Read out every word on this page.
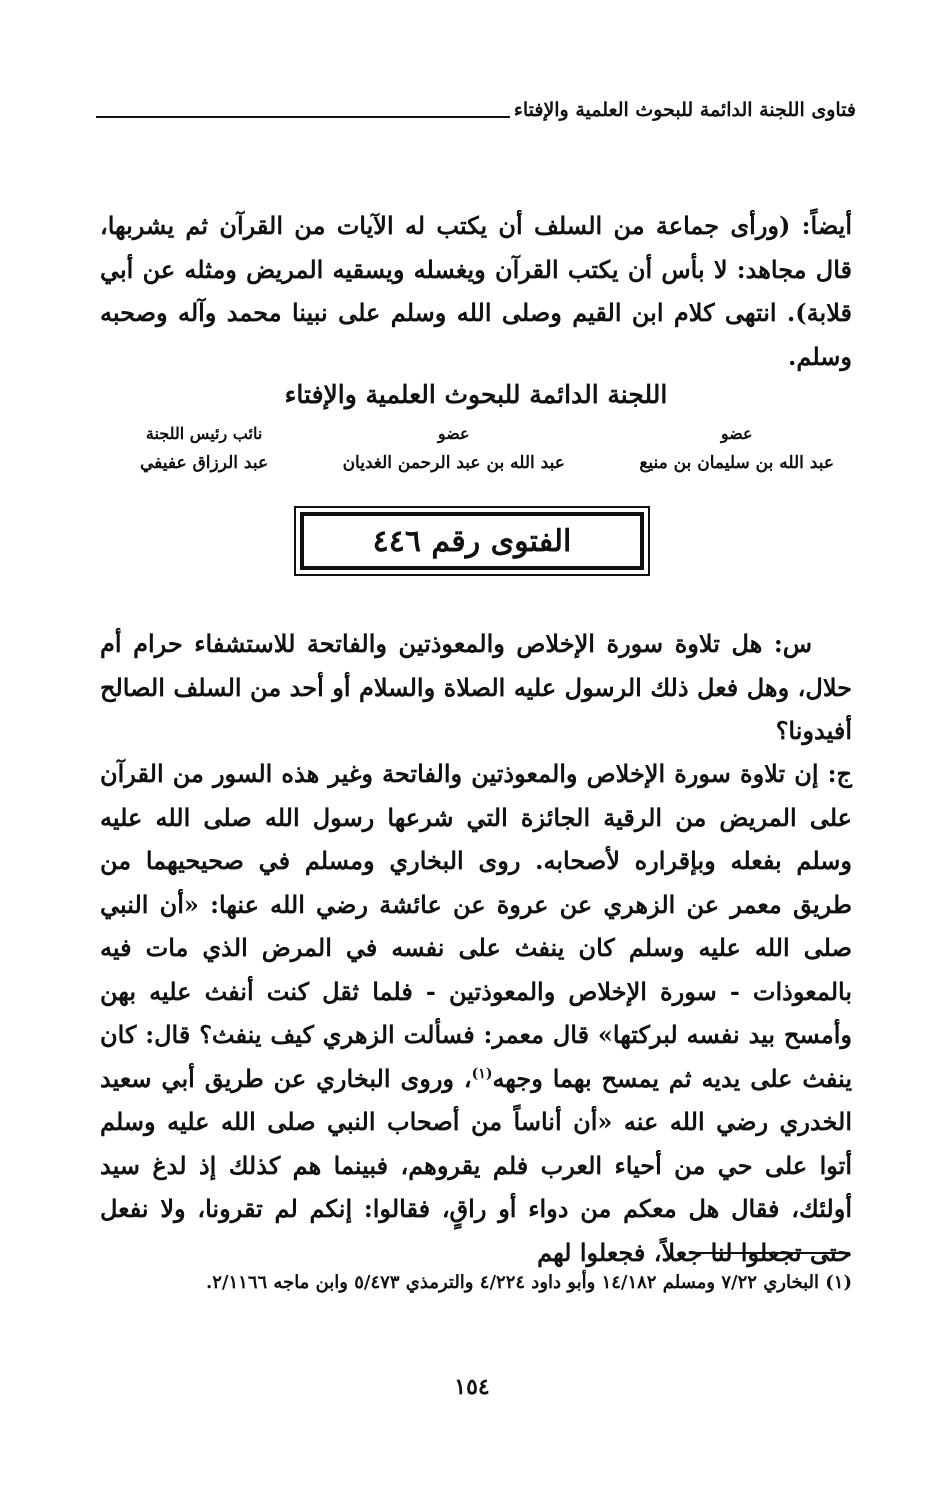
فتاوى اللجنة الدائمة للبحوث العلمية والإفتاء
أيضاً: (ورأى جماعة من السلف أن يكتب له الآيات من القرآن ثم يشربها، قال مجاهد: لا بأس أن يكتب القرآن ويغسله ويسقيه المريض ومثله عن أبي قلابة). انتهى كلام ابن القيم وصلى الله وسلم على نبينا محمد وآله وصحبه وسلم.
اللجنة الدائمة للبحوث العلمية والإفتاء
عضو
عبد الله بن سليمان بن منيع
عضو
عبد الله بن عبد الرحمن الغديان
نائب رئيس اللجنة
عبد الرزاق عفيفي
الفتوى رقم ٤٤٦
س: هل تلاوة سورة الإخلاص والمعوذتين والفاتحة للاستشفاء حرام أم حلال، وهل فعل ذلك الرسول عليه الصلاة والسلام أو أحد من السلف الصالح أفيدونا؟
ج: إن تلاوة سورة الإخلاص والمعوذتين والفاتحة وغير هذه السور من القرآن على المريض من الرقية الجائزة التي شرعها رسول الله صلى الله عليه وسلم بفعله وبإقراره لأصحابه. روى البخاري ومسلم في صحيحيهما من طريق معمر عن الزهري عن عروة عن عائشة رضي الله عنها: «أن النبي صلى الله عليه وسلم كان ينفث على نفسه في المرض الذي مات فيه بالمعوذات - سورة الإخلاص والمعوذتين - فلما ثقل كنت أنفث عليه بهن وأمسح بيد نفسه لبركتها» قال معمر: فسألت الزهري كيف ينفث؟ قال: كان ينفث على يديه ثم يمسح بهما وجهه$^{(١)}$، وروى البخاري عن طريق أبي سعيد الخدري رضي الله عنه «أن أناساً من أصحاب النبي صلى الله عليه وسلم أتوا على حي من أحياء العرب فلم يقروهم، فبينما هم كذلك إذ لدغ سيد أولئك، فقال هل معكم من دواء أو راقٍ، فقالوا: إنكم لم تقرونا، ولا نفعل حتى تجعلوا لنا جعلاً، فجعلوا لهم
(١) البخاري ٧/٢٢ ومسلم ١٤/١٨٢ وأبو داود ٤/٢٢٤ والترمذي ٥/٤٧٣ وابن ماجه ٢/١١٦٦.
١٥٤
